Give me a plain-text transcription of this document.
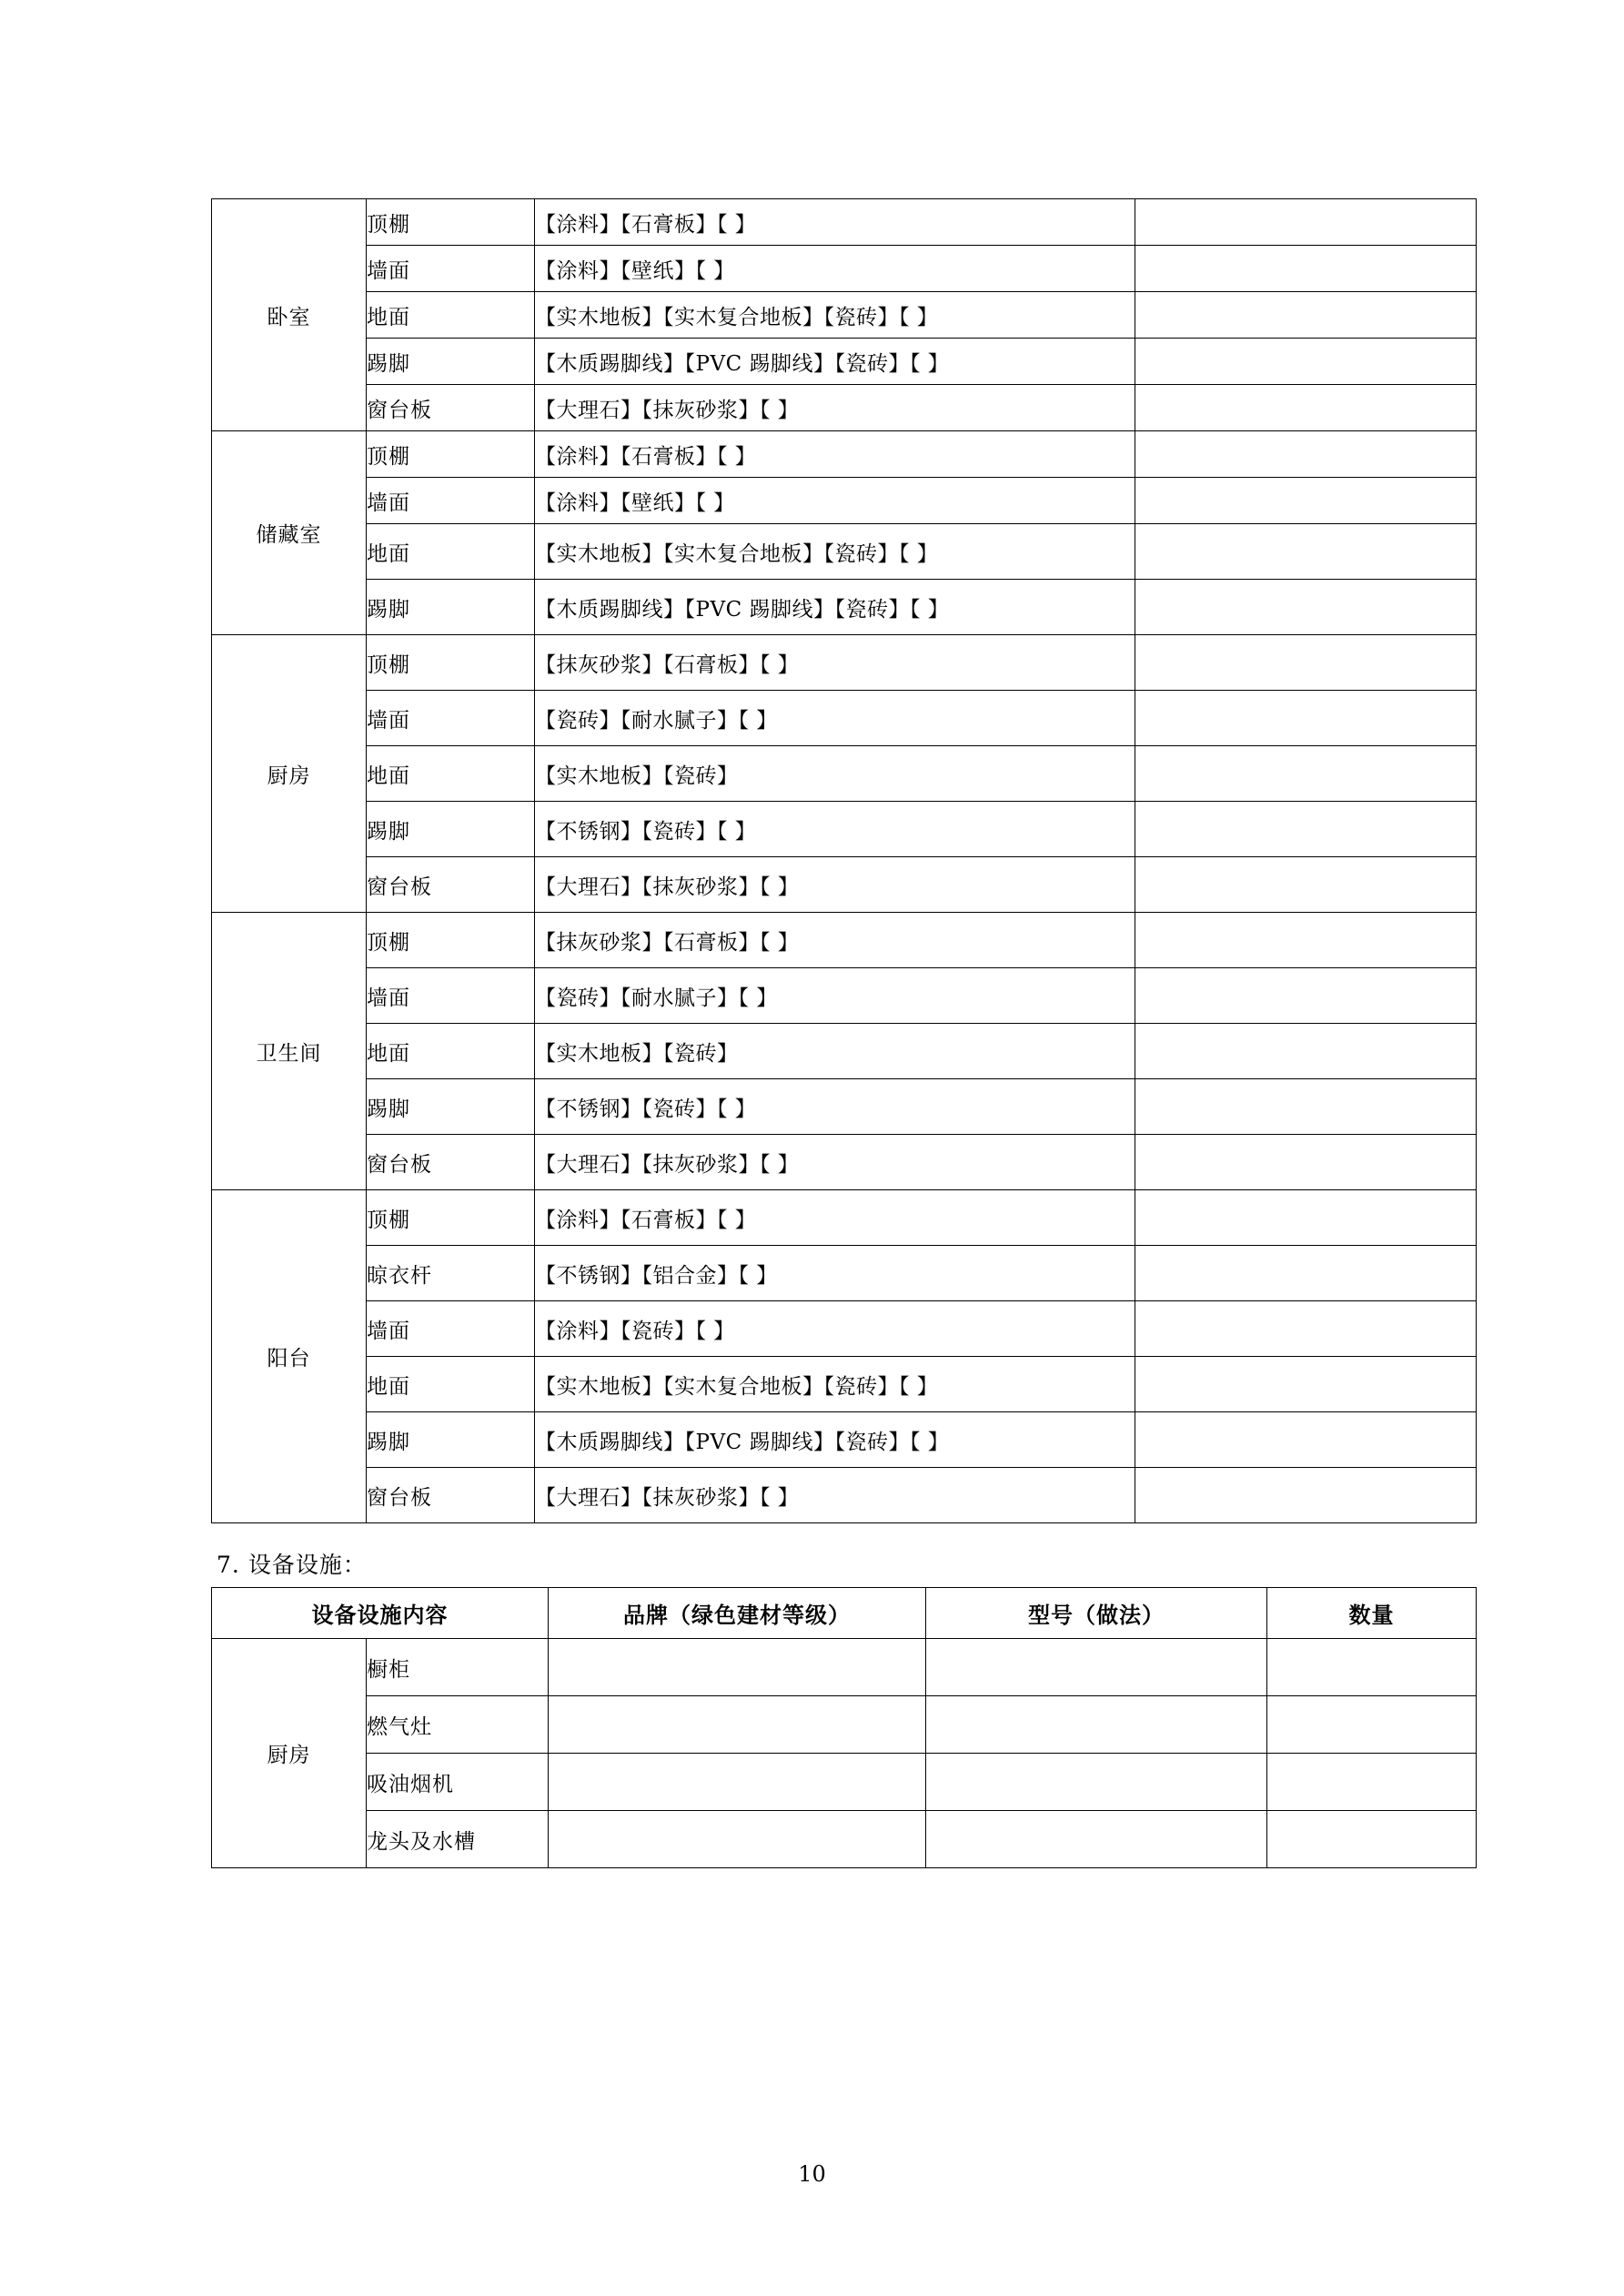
卧室	顶棚	【涂料】【石膏板】【 】	
	墙面	【涂料】【壁纸】【 】	
	地面	【实木地板】【实木复合地板】【瓷砖】【 】	
	踢脚	【木质踢脚线】【PVC 踢脚线】【瓷砖】【 】	
	窗台板	【大理石】【抹灰砂浆】【 】	
储藏室	顶棚	【涂料】【石膏板】【 】	
	墙面	【涂料】【壁纸】【 】	
	地面	【实木地板】【实木复合地板】【瓷砖】【 】	
	踢脚	【木质踢脚线】【PVC 踢脚线】【瓷砖】【 】	
厨房	顶棚	【抹灰砂浆】【石膏板】【 】	
	墙面	【瓷砖】【耐水腻子】【 】	
	地面	【实木地板】【瓷砖】	
	踢脚	【不锈钢】【瓷砖】【 】	
	窗台板	【大理石】【抹灰砂浆】【 】	
卫生间	顶棚	【抹灰砂浆】【石膏板】【 】	
	墙面	【瓷砖】【耐水腻子】【 】	
	地面	【实木地板】【瓷砖】	
	踢脚	【不锈钢】【瓷砖】【 】	
	窗台板	【大理石】【抹灰砂浆】【 】	
阳台	顶棚	【涂料】【石膏板】【 】	
	晾衣杆	【不锈钢】【铝合金】【 】	
	墙面	【涂料】【瓷砖】【 】	
	地面	【实木地板】【实木复合地板】【瓷砖】【 】	
	踢脚	【木质踢脚线】【PVC 踢脚线】【瓷砖】【 】	
	窗台板	【大理石】【抹灰砂浆】【 】	
7. 设备设施：
设备设施内容		品牌（绿色建材等级）	型号（做法）	数量
厨房	橱柜			
	燃气灶			
	吸油烟机			
	龙头及水槽			
10
